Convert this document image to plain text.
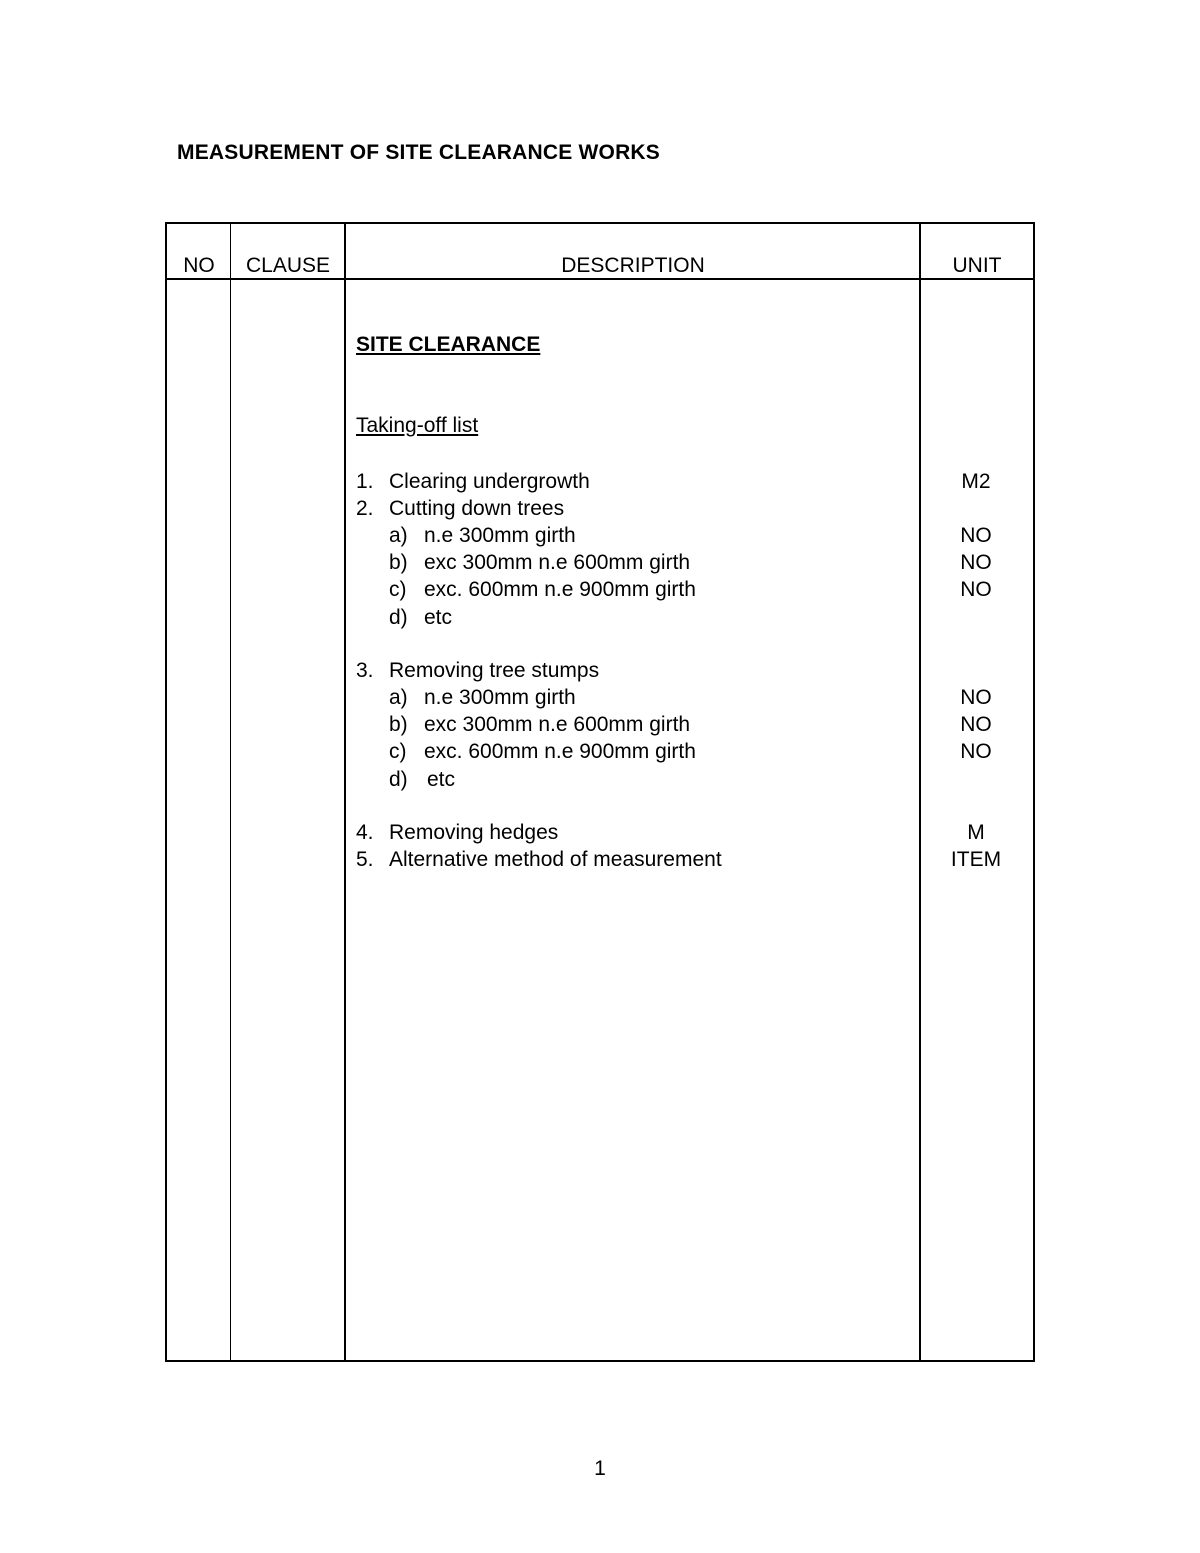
MEASUREMENT OF SITE CLEARANCE WORKS
NO CLAUSE	DESCRIPTION	UNIT
SITE CLEARANCE
Taking-off list
1. Clearing undergrowth	M2
2. Cutting down trees
a) n.e 300mm girth	NO
b) exc 300mm n.e 600mm girth	NO
c) exc. 600mm n.e 900mm girth	NO
d) etc
3. Removing tree stumps
a) n.e 300mm girth	NO
b) exc 300mm n.e 600mm girth	NO
c) exc. 600mm n.e 900mm girth	NO
d) etc
4. Removing hedges	M
5. Alternative method of measurement	ITEM
1
